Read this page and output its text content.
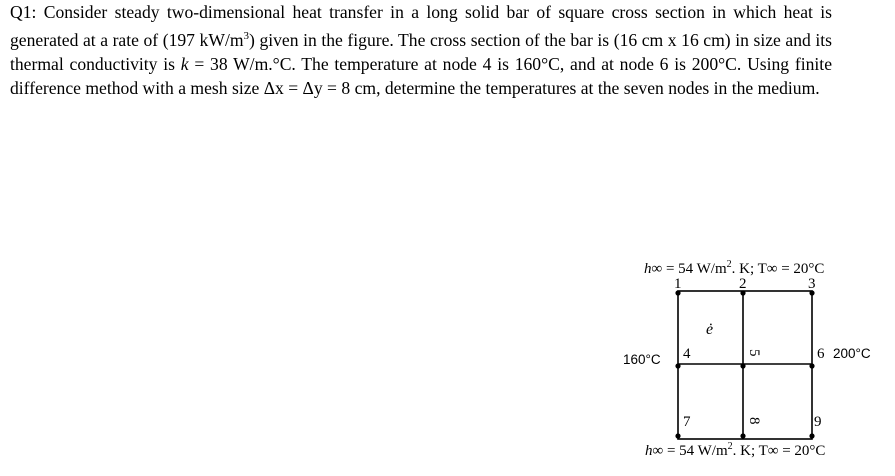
Q1: Consider steady two-dimensional heat transfer in a long solid bar of square cross section in which heat is generated at a rate of (197 $kW/m^3$) given in the figure. The cross section of the bar is (16 cm x 16 cm) in size and its thermal conductivity is k = 38 W/m.°C. The temperature at node 4 is 160°C, and at node 6 is 200°C. Using finite difference method with a mesh size Δx = Δy = 8 cm, determine the temperatures at the seven nodes in the medium.

h∞ = 54 $W/m^2$. K; T∞ = 20°C
1	2	3
4	5	6
7	8	9
ė
160°C	200°C
h∞ = 54 $W/m^2$. K; T∞ = 20°C
